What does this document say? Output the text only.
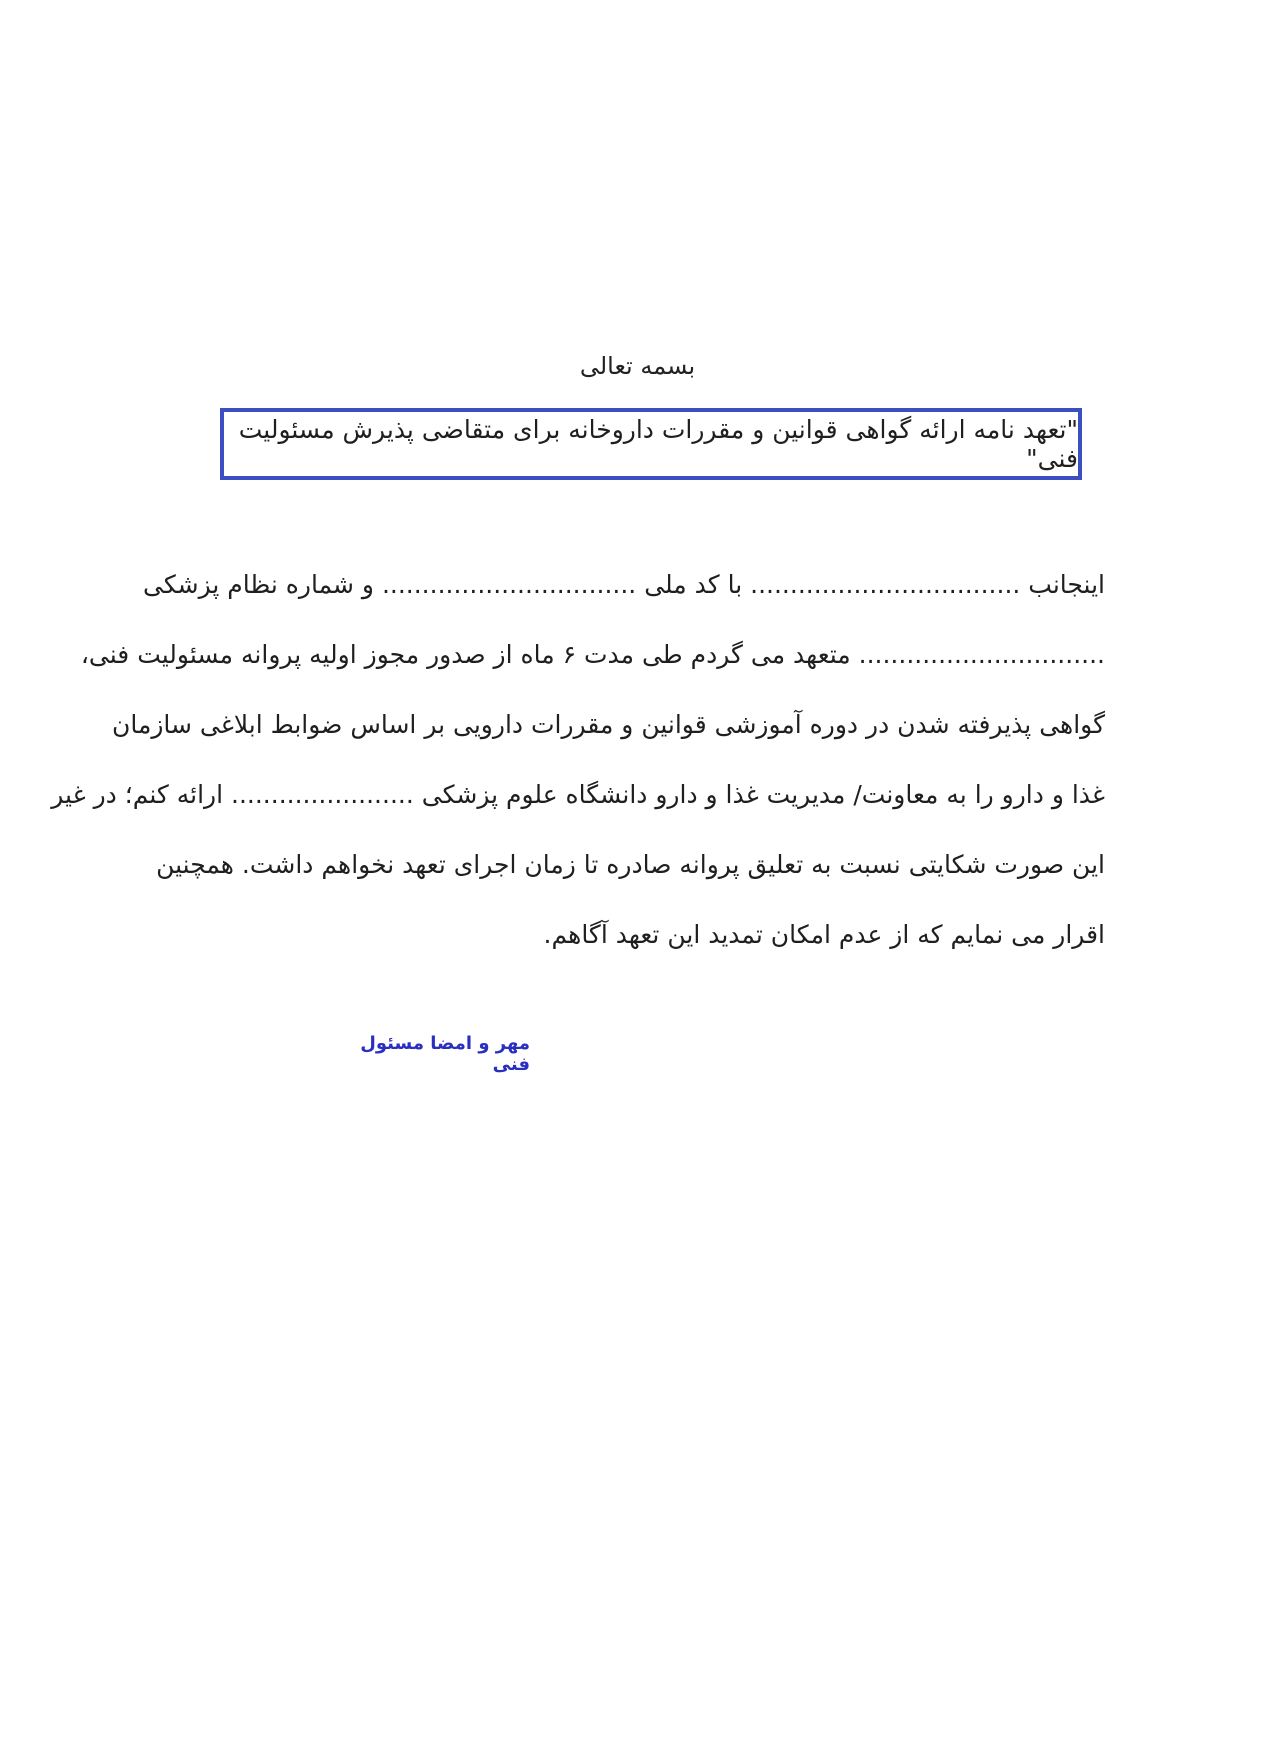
بسمه تعالی
"تعهد نامه ارائه گواهی قوانین و مقررات داروخانه برای متقاضی پذیرش مسئولیت فنی"
اینجانب .................................. با کد ملی ................................ و شماره نظام پزشکی
............................... متعهد می گردم طی مدت ۶ ماه از صدور مجوز اولیه پروانه مسئولیت فنی،
گواهی پذیرفته شدن در دوره آموزشی قوانین و مقررات دارویی بر اساس ضوابط ابلاغی سازمان
غذا و دارو را به معاونت/ مدیریت غذا و دارو دانشگاه علوم پزشکی ....................... ارائه کنم؛ در غیر
این صورت شکایتی نسبت به تعلیق پروانه صادره تا زمان اجرای تعهد نخواهم داشت. همچنین
اقرار می نمایم که از عدم امکان تمدید این تعهد آگاهم.
مهر و امضا مسئول فنی
